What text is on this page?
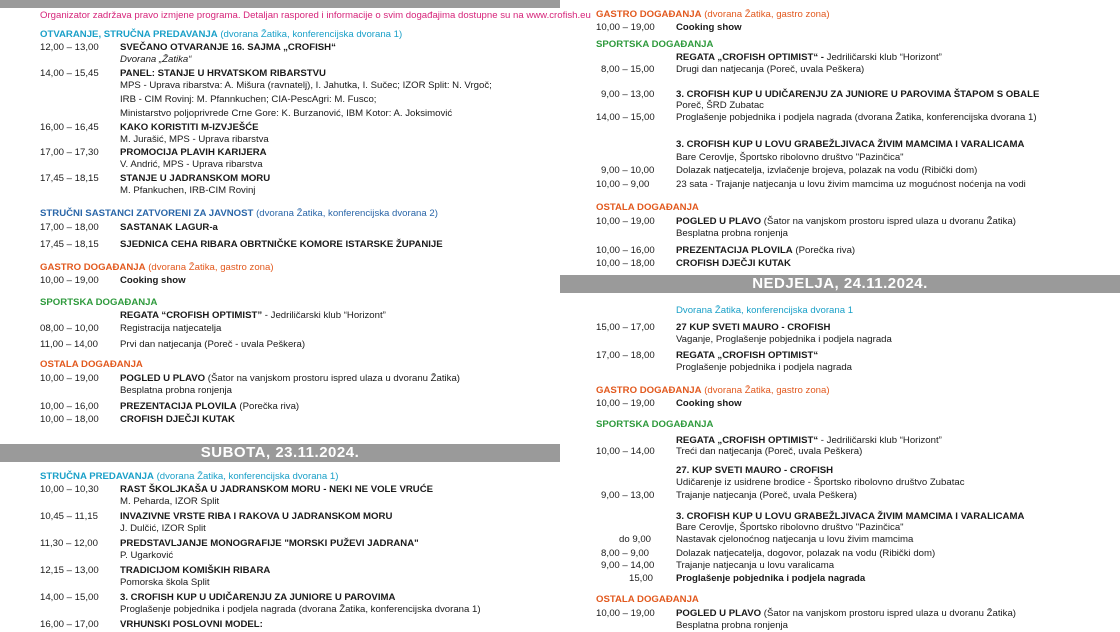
Organizator zadržava pravo izmjene programa. Detaljan raspored i informacije o svim događajima dostupne su na www.crofish.eu
OTVARANJE, STRUČNA PREDAVANJA (dvorana Žatika, konferencijska dvorana 1)
12,00 – 13,00 SVEČANO OTVARANJE 16. SAJMA „CROFISH“
Dvorana „Žatika“
14,00 – 15,45 PANEL: STANJE U HRVATSKOM RIBARSTVU
MPS - Uprava ribarstva: A. Mišura (ravnatelj), I. Jahutka, I. Sučec; IZOR Split: N. Vrgoč;
IRB - CIM Rovinj: M. Pfannkuchen; CIA-PescAgri: M. Fusco;
Ministarstvo poljoprivrede Crne Gore: K. Burzanović, IBM Kotor: A. Joksimović
16,00 – 16,45 KAKO KORISTITI M-IZVJEŠĆE
M. Jurašić, MPS - Uprava ribarstva
17,00 – 17,30 PROMOCIJA PLAVIH KARIJERA
V. Andrić, MPS - Uprava ribarstva
17,45 – 18,15 STANJE U JADRANSKOM MORU
M. Pfankuchen, IRB-CIM Rovinj
STRUČNI SASTANCI ZATVORENI ZA JAVNOST (dvorana Žatika, konferencijska dvorana 2)
17,00 – 18,00 SASTANAK LAGUR-a
17,45 – 18,15 SJEDNICA CEHA RIBARA OBRTNIČKE KOMORE ISTARSKE ŽUPANIJE
GASTRO DOGAĐANJA (dvorana Žatika, gastro zona)
10,00 – 19,00 Cooking show
SPORTSKA DOGAĐANJA
REGATA “CROFISH OPTIMIST” - Jedriličarski klub “Horizont”
08,00 – 10,00 Registracija natjecatelja
11,00 – 14,00 Prvi dan natjecanja (Poreč - uvala Peškera)
OSTALA DOGAĐANJA
10,00 – 19,00 POGLED U PLAVO (Šator na vanjskom prostoru ispred ulaza u dvoranu Žatika)
Besplatna probna ronjenja
10,00 – 16,00 PREZENTACIJA PLOVILA (Porečka riva)
10,00 – 18,00 CROFISH DJEČJI KUTAK
SUBOTA, 23.11.2024.
STRUČNA PREDAVANJA (dvorana Žatika, konferencijska dvorana 1)
10,00 – 10,30 RAST ŠKOLJKAŠA U JADRANSKOM MORU - NEKI NE VOLE VRUĆE
M. Peharda, IZOR Split
10,45 – 11,15 INVAZIVNE VRSTE RIBA I RAKOVA U JADRANSKOM MORU
J. Dulčić, IZOR Split
11,30 – 12,00 PREDSTAVLJANJE MONOGRAFIJE "MORSKI PUŽEVI JADRANA"
P. Ugarković
12,15 – 13,00 TRADICIJOM KOMIŠKIH RIBARA
Pomorska škola Split
14,00 – 15,00 3. CROFISH KUP U UDIČARENJU ZA JUNIORE U PAROVIMA
Proglašenje pobjednika i podjela nagrada (dvorana Žatika, konferencijska dvorana 1)
16,00 – 17,00 VRHUNSKI POSLOVNI MODEL:
GASTRO DOGAĐANJA (dvorana Žatika, gastro zona)
10,00 – 19,00 Cooking show
SPORTSKA DOGAĐANJA
REGATA „CROFISH OPTIMIST“ - Jedriličarski klub “Horizont”
8,00 – 15,00 Drugi dan natjecanja (Poreč, uvala Peškera)
9,00 – 13,00 3. CROFISH KUP U UDIČARENJU ZA JUNIORE U PAROVIMA ŠTAPOM S OBALE
Poreč, ŠRD Zubatac
14,00 – 15,00 Proglašenje pobjednika i podjela nagrada (dvorana Žatika, konferencijska dvorana 1)
3. CROFISH KUP U LOVU GRABEŽLJIVACA ŽIVIM MAMCIMA I VARALICAMA
Bare Cerovlje, Športsko ribolovno društvo "Pazinčica"
9,00 – 10,00 Dolazak natjecatelja, izvlačenje brojeva, polazak na vodu (Ribički dom)
10,00 – 9,00	23 sata - Trajanje natjecanja u lovu živim mamcima uz mogućnost noćenja na vodi
OSTALA DOGAĐANJA
10,00 – 19,00 POGLED U PLAVO (Šator na vanjskom prostoru ispred ulaza u dvoranu Žatika)
Besplatna probna ronjenja
10,00 – 16,00 PREZENTACIJA PLOVILA (Porečka riva)
10,00 – 18,00 CROFISH DJEČJI KUTAK
NEDJELJA, 24.11.2024.
Dvorana Žatika, konferencijska dvorana 1
15,00 – 17,00 27 KUP SVETI MAURO - CROFISH
Vaganje, Proglašenje pobjednika i podjela nagrada
17,00 – 18,00 REGATA „CROFISH OPTIMIST“
Proglašenje pobjednika i podjela nagrada
GASTRO DOGAĐANJA (dvorana Žatika, gastro zona)
10,00 – 19,00 Cooking show
SPORTSKA DOGAĐANJA
REGATA „CROFISH OPTIMIST“ - Jedriličarski klub “Horizont”
10,00 – 14,00 Treći dan natjecanja (Poreč, uvala Peškera)
27. KUP SVETI MAURO - CROFISH
Udičarenje iz usidrene brodice - Športsko ribolovno društvo Zubatac
9,00 – 13,00 Trajanje natjecanja (Poreč, uvala Peškera)
3. CROFISH KUP U LOVU GRABEŽLJIVACA ŽIVIM MAMCIMA I VARALICAMA
Bare Cerovlje, Športsko ribolovno društvo "Pazinčica"
do 9,00	Nastavak cjelonoćnog natjecanja u lovu živim mamcima
8,00 – 9,00	Dolazak natjecatelja, dogovor, polazak na vodu (Ribički dom)
9,00 – 14,00 Trajanje natjecanja u lovu varalicama
15,00 Proglašenje pobjednika i podjela nagrada
OSTALA DOGAĐANJA
10,00 – 19,00 POGLED U PLAVO (Šator na vanjskom prostoru ispred ulaza u dvoranu Žatika)
Besplatna probna ronjenja
